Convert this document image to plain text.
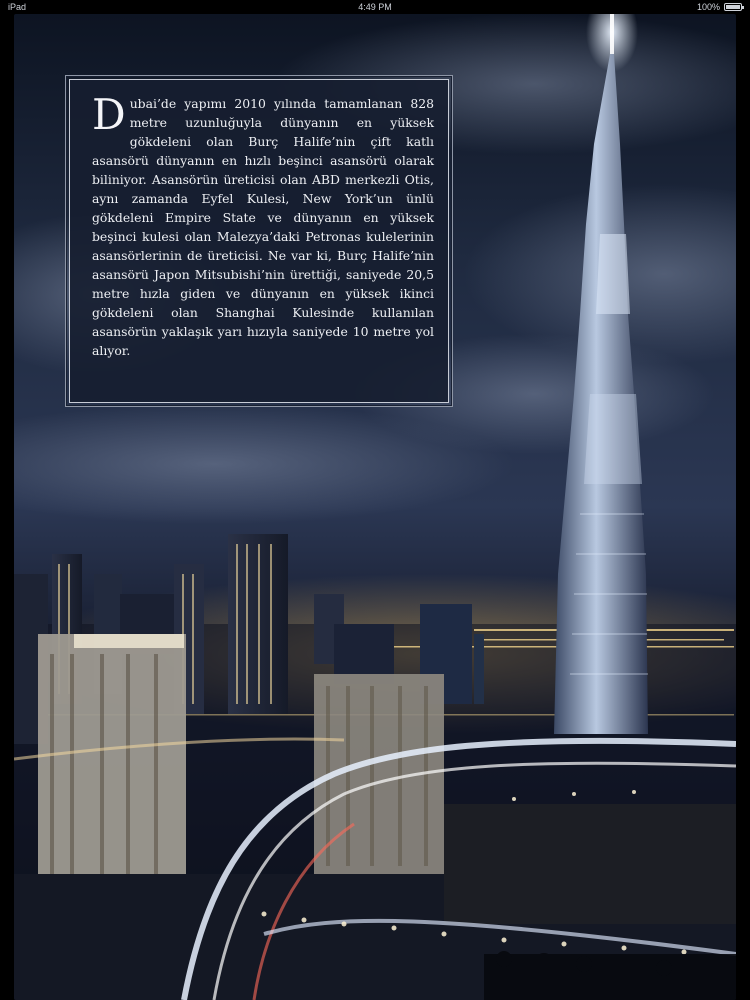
iPad	4:49 PM	100%

Dubai’de yapımı 2010 yılında tamamlanan 828 metre uzunluğuyla dünyanın en yüksek gökdeleni olan Burç Halife’nin çift katlı asansörü dünyanın en hızlı beşinci asansörü olarak biliniyor. Asansörün üreticisi olan ABD merkezli Otis, aynı zamanda Eyfel Kulesi, New York’un ünlü gökdeleni Empire State ve dünyanın en yüksek beşinci kulesi olan Malezya’daki Petronas kulelerinin asansörlerinin de üreticisi. Ne var ki, Burç Halife’nin asansörü Japon Mitsubishi’nin ürettiği, saniyede 20,5 metre hızla giden ve dünyanın en yüksek ikinci gökdeleni olan Shanghai Kulesinde kullanılan asansörün yaklaşık yarı hızıyla saniyede 10 metre yol alıyor.
